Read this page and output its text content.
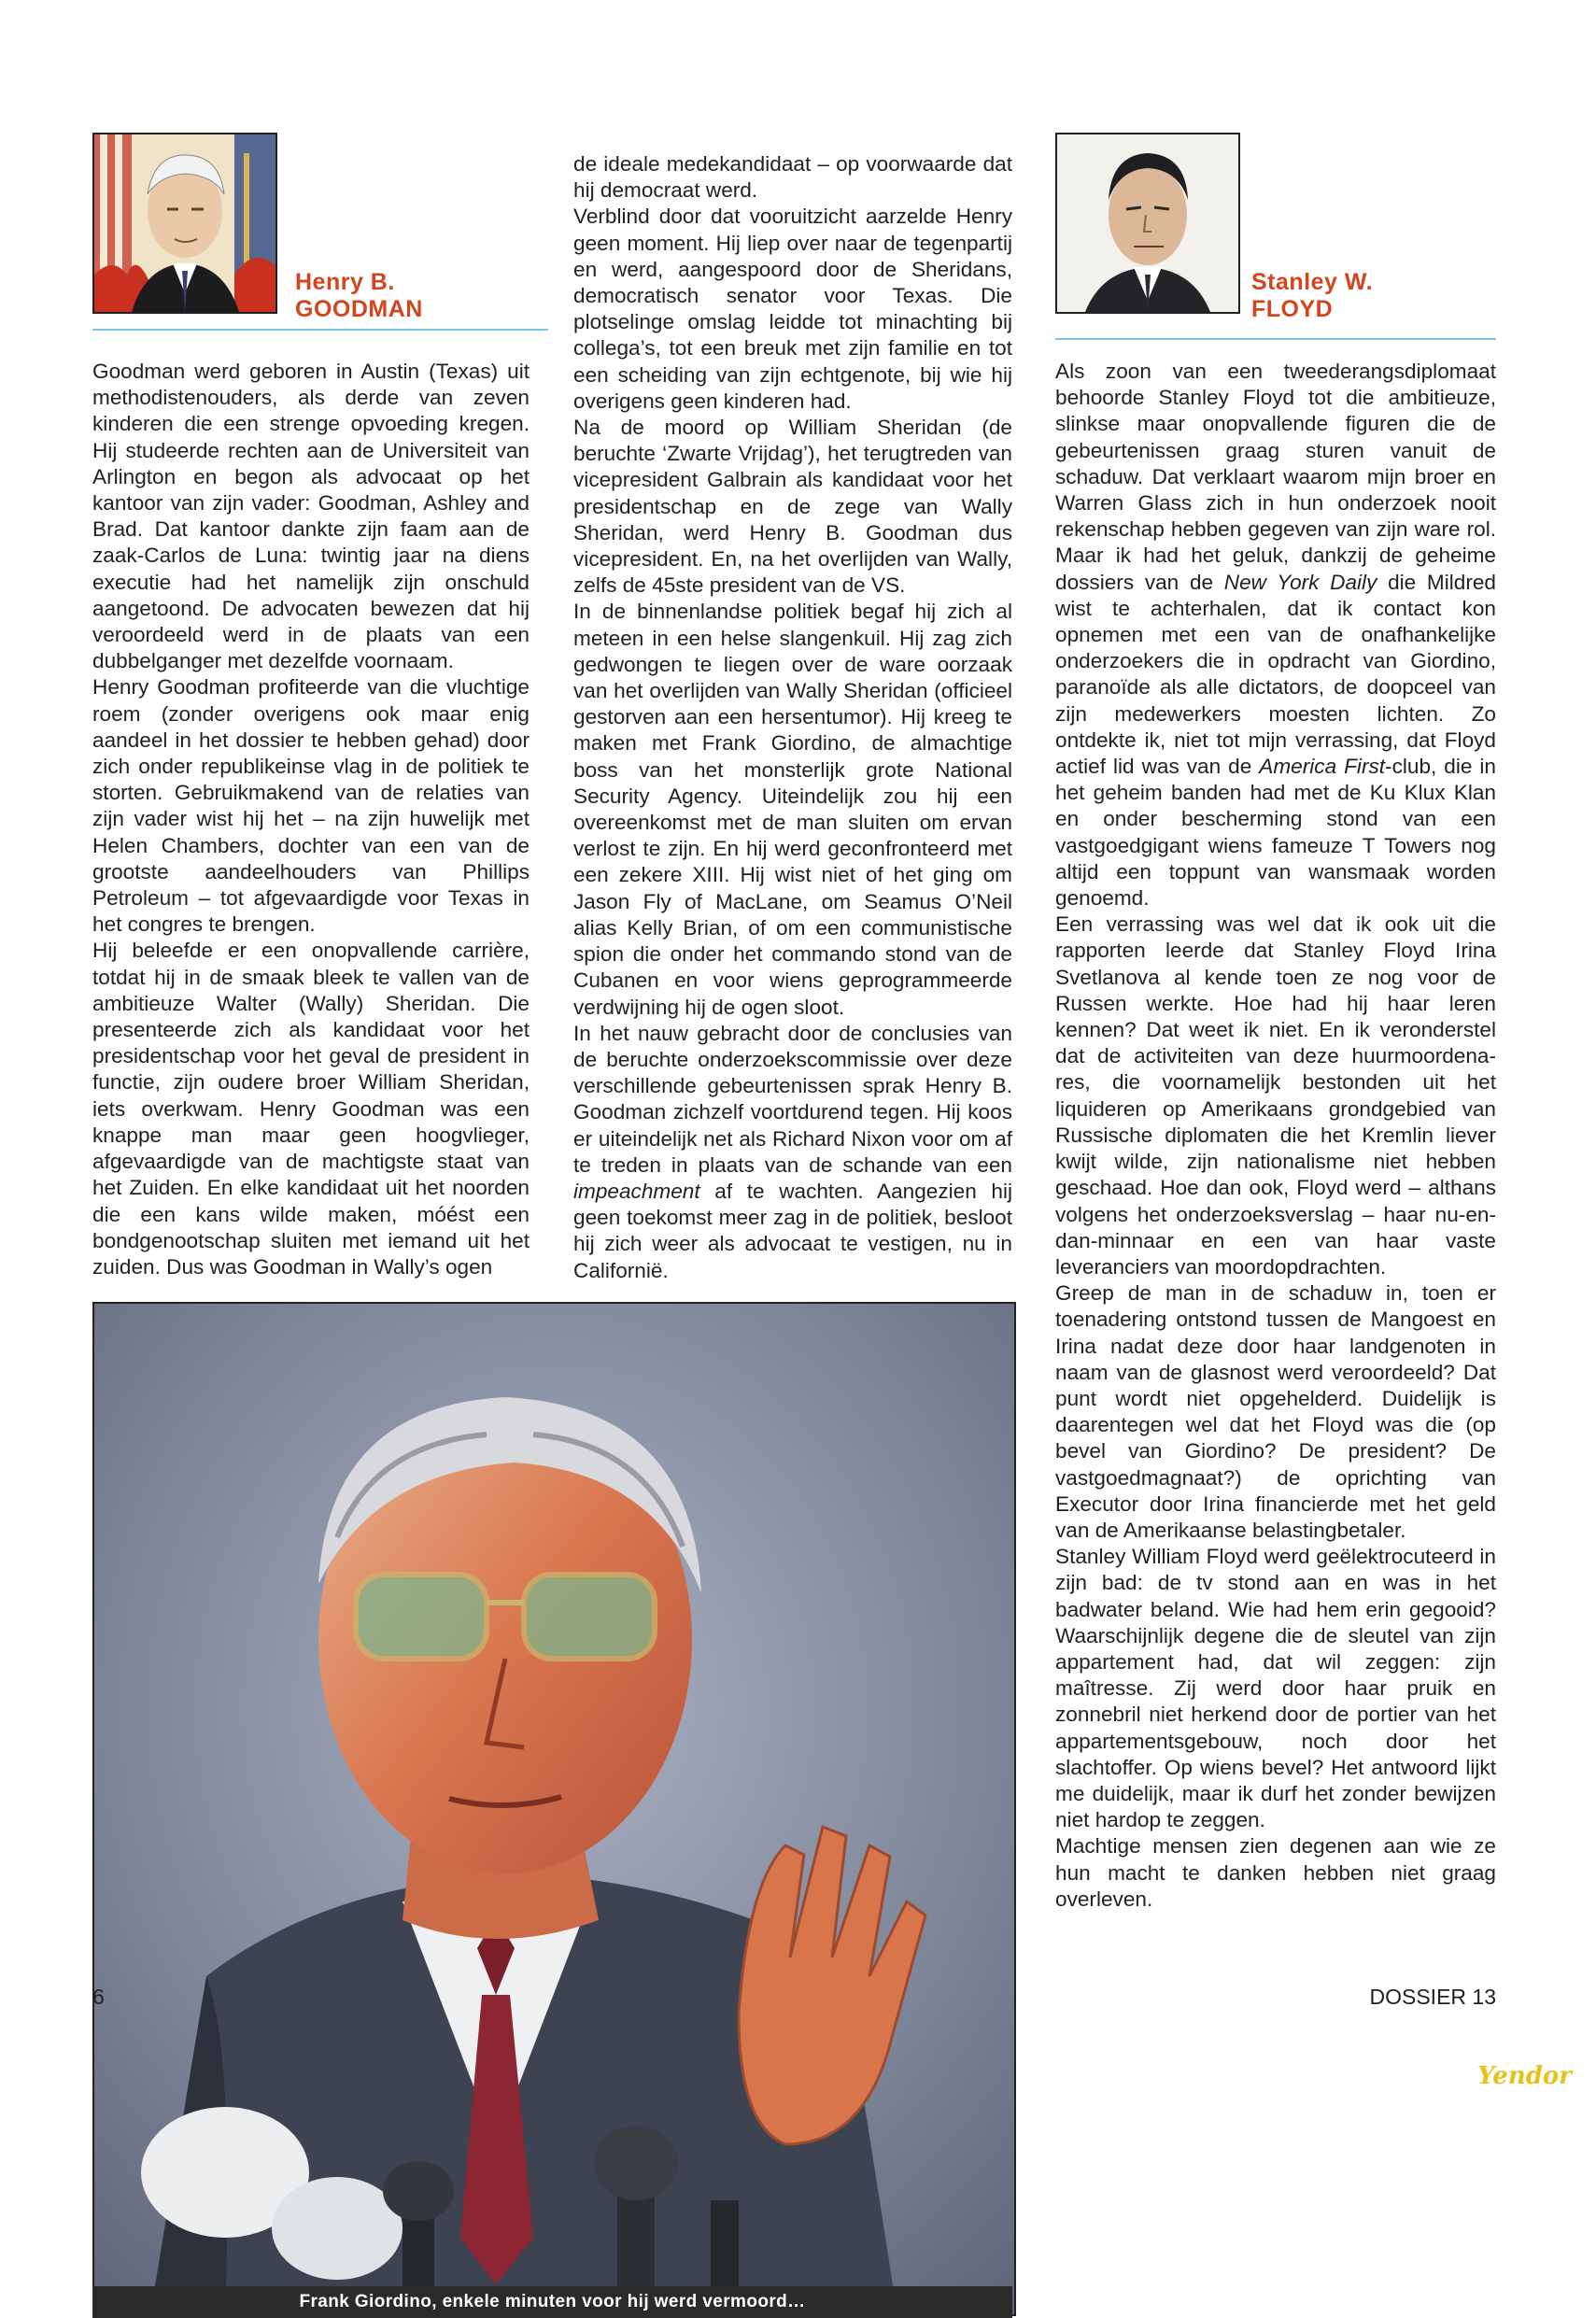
Henry B.
GOODMAN
Stanley W.
FLOYD

Goodman werd geboren in Austin (Texas) uit methodistenouders, als derde van zeven kinderen die een strenge opvoeding kregen. Hij studeerde rechten aan de Universiteit van Arlington en begon als advocaat op het kantoor van zijn vader: Goodman, Ashley and Brad. Dat kantoor dankte zijn faam aan de zaak-Carlos de Luna: twintig jaar na diens executie had het namelijk zijn onschuld aangetoond. De advocaten bewezen dat hij veroordeeld werd in de plaats van een dubbelganger met dezelfde voornaam.

Henry Goodman profiteerde van die vluchtige roem (zonder overigens ook maar enig aandeel in het dossier te hebben gehad) door zich onder republikeinse vlag in de politiek te storten. Gebruikmakend van de relaties van zijn vader wist hij het – na zijn huwelijk met Helen Chambers, dochter van een van de grootste aandeelhouders van Phillips Petroleum – tot afgevaardigde voor Texas in het congres te brengen.

Hij beleefde er een onopvallende carrière, totdat hij in de smaak bleek te vallen van de ambitieuze Walter (Wally) Sheridan. Die presenteerde zich als kandidaat voor het presidentschap voor het geval de president in functie, zijn oudere broer William Sheridan, iets overkwam. Henry Goodman was een knappe man maar geen hoogvlieger, afgevaardigde van de machtigste staat van het Zuiden. En elke kandidaat uit het noorden die een kans wilde maken, móést een bondgenootschap sluiten met iemand uit het zuiden. Dus was Goodman in Wally’s ogen

de ideale medekandidaat – op voorwaarde dat hij democraat werd.

Verblind door dat vooruitzicht aarzelde Henry geen moment. Hij liep over naar de tegenpartij en werd, aangespoord door de Sheridans, democratisch senator voor Texas. Die plotselinge omslag leidde tot minachting bij collega’s, tot een breuk met zijn familie en tot een scheiding van zijn echtgenote, bij wie hij overigens geen kinderen had.

Na de moord op William Sheridan (de beruchte ‘Zwarte Vrijdag’), het terugtreden van vicepresident Galbrain als kandidaat voor het presidentschap en de zege van Wally Sheridan, werd Henry B. Goodman dus vicepresident. En, na het overlijden van Wally, zelfs de 45ste president van de VS.

In de binnenlandse politiek begaf hij zich al meteen in een helse slangenkuil. Hij zag zich gedwongen te liegen over de ware oorzaak van het overlijden van Wally Sheridan (officieel gestorven aan een hersentumor). Hij kreeg te maken met Frank Giordino, de almachtige boss van het monsterlijk grote National Security Agency. Uiteindelijk zou hij een overeenkomst met de man sluiten om ervan verlost te zijn. En hij werd geconfronteerd met een zekere XIII. Hij wist niet of het ging om Jason Fly of MacLane, om Seamus O’Neil alias Kelly Brian, of om een communistische spion die onder het commando stond van de Cubanen en voor wiens geprogrammeerde verdwijning hij de ogen sloot.

In het nauw gebracht door de conclusies van de beruchte onderzoekscommissie over deze verschillende gebeurtenissen sprak Henry B. Goodman zichzelf voortdurend tegen. Hij koos er uiteindelijk net als Richard Nixon voor om af te treden in plaats van de schande van een impeachment af te wachten. Aangezien hij geen toekomst meer zag in de politiek, besloot hij zich weer als advocaat te vestigen, nu in Californië.

Als zoon van een tweederangsdiplomaat behoorde Stanley Floyd tot die ambitieuze, slinkse maar onopvallende figuren die de gebeurtenissen graag sturen vanuit de schaduw. Dat verklaart waarom mijn broer en Warren Glass zich in hun onderzoek nooit rekenschap hebben gegeven van zijn ware rol. Maar ik had het geluk, dankzij de geheime dossiers van de New York Daily die Mildred wist te achterhalen, dat ik contact kon opnemen met een van de onafhankelijke onderzoekers die in opdracht van Giordino, paranoïde als alle dictators, de doopceel van zijn medewerkers moesten lichten. Zo ontdekte ik, niet tot mijn verrassing, dat Floyd actief lid was van de America First-club, die in het geheim banden had met de Ku Klux Klan en onder bescherming stond van een vastgoedgigant wiens fameuze T Towers nog altijd een toppunt van wansmaak worden genoemd.

Een verrassing was wel dat ik ook uit die rapporten leerde dat Stanley Floyd Irina Svetlanova al kende toen ze nog voor de Russen werkte. Hoe had hij haar leren kennen? Dat weet ik niet. En ik veronderstel dat de activiteiten van deze huurmoordena-res, die voornamelijk bestonden uit het liquideren op Amerikaans grondgebied van Russische diplomaten die het Kremlin liever kwijt wilde, zijn nationalisme niet hebben geschaad. Hoe dan ook, Floyd werd – althans volgens het onderzoeksverslag – haar nu-en-dan-minnaar en een van haar vaste leveranciers van moordopdrachten.

Greep de man in de schaduw in, toen er toenadering ontstond tussen de Mangoest en Irina nadat deze door haar landgenoten in naam van de glasnost werd veroordeeld? Dat punt wordt niet opgehelderd. Duidelijk is daarentegen wel dat het Floyd was die (op bevel van Giordino? De president? De vastgoedmagnaat?) de oprichting van Executor door Irina financierde met het geld van de Amerikaanse belastingbetaler.

Stanley William Floyd werd geëlektrocuteerd in zijn bad: de tv stond aan en was in het badwater beland. Wie had hem erin gegooid? Waarschijnlijk degene die de sleutel van zijn appartement had, dat wil zeggen: zijn maîtresse. Zij werd door haar pruik en zonnebril niet herkend door de portier van het appartementsgebouw, noch door het slachtoffer. Op wiens bevel? Het antwoord lijkt me duidelijk, maar ik durf het zonder bewijzen niet hardop te zeggen.

Machtige mensen zien degenen aan wie ze hun macht te danken hebben niet graag overleven.

Frank Giordino, enkele minuten voor hij werd vermoord…
6	DOSSIER 13
Yendor
